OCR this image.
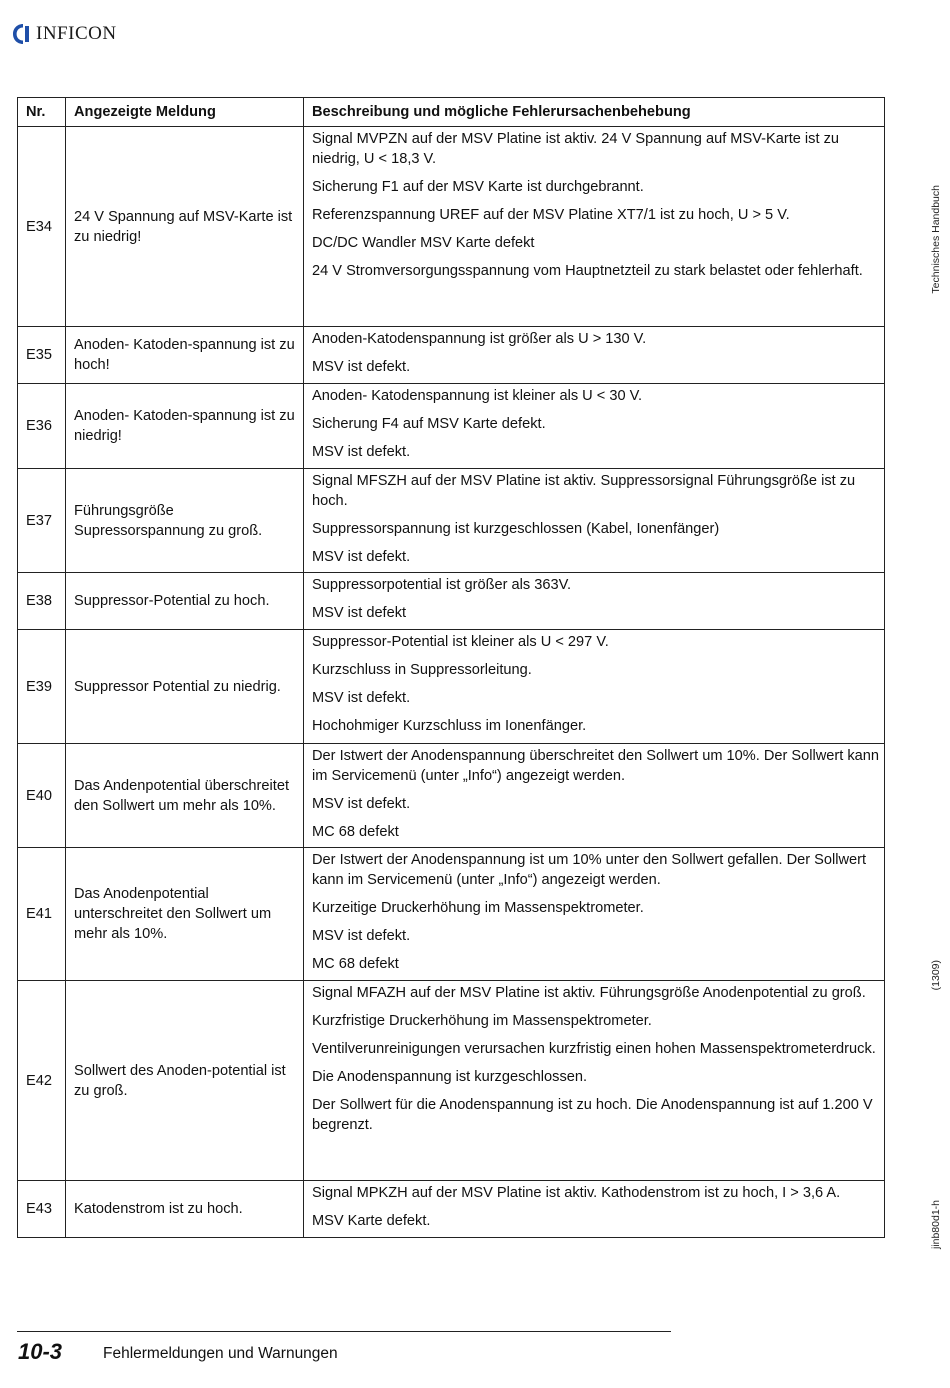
INFICON
Nr.	Angezeigte Meldung	Beschreibung und mögliche Fehlerursachenbehebung
E34	24 V Spannung auf MSV-Karte ist zu niedrig!	Signal MVPZN auf der MSV Platine ist aktiv. 24 V Spannung auf MSV-Karte ist zu niedrig, U < 18,3 V.

Sicherung F1 auf der MSV Karte ist durchgebrannt.

Referenzspannung UREF auf der MSV Platine XT7/1 ist zu hoch, U > 5 V.

DC/DC Wandler MSV Karte defekt

24 V Stromversorgungsspannung vom Hauptnetzteil zu stark belastet oder fehlerhaft.

E35	Anoden- Katoden-spannung ist zu hoch!	Anoden-Katodenspannung ist größer als U > 130 V.

MSV ist defekt.

E36	Anoden- Katoden-spannung ist zu niedrig!	Anoden- Katodenspannung ist kleiner als U < 30 V.

Sicherung F4 auf MSV Karte defekt.

MSV ist defekt.

E37	Führungsgröße Supressorspannung zu groß.	Signal MFSZH auf der MSV Platine ist aktiv. Suppressorsignal Führungsgröße ist zu hoch.

Suppressorspannung ist kurzgeschlossen (Kabel, Ionenfänger)

MSV ist defekt.

E38	Suppressor-Potential zu hoch.	Suppressorpotential ist größer als 363V.

MSV ist defekt

E39	Suppressor Potential zu niedrig.	Suppressor-Potential ist kleiner als U < 297 V.

Kurzschluss in Suppressorleitung.

MSV ist defekt.

Hochohmiger Kurzschluss im Ionenfänger.

E40	Das Andenpotential überschreitet den Sollwert um mehr als 10%.	Der Istwert der Anodenspannung überschreitet den Sollwert um 10%. Der Sollwert kann im Servicemenü (unter „Info“) angezeigt werden.

MSV ist defekt.

MC 68 defekt

E41	Das Anodenpotential unterschreitet den Sollwert um mehr als 10%.	Der Istwert der Anodenspannung ist um 10% unter den Sollwert gefallen. Der Sollwert kann im Servicemenü (unter „Info“) angezeigt werden.

Kurzeitige Druckerhöhung im Massenspektrometer.

MSV ist defekt.

MC 68 defekt

E42	Sollwert des Anoden-potential ist zu groß.	Signal MFAZH auf der MSV Platine ist aktiv. Führungsgröße Anodenpotential zu groß.

Kurzfristige Druckerhöhung im Massenspektrometer.

Ventilverunreinigungen verursachen kurzfristig einen hohen Massenspektrometerdruck.

Die Anodenspannung ist kurzgeschlossen.

Der Sollwert für die Anodenspannung ist zu hoch. Die Anodenspannung ist auf 1.200 V begrenzt.

E43	Katodenstrom ist zu hoch.	Signal MPKZH auf der MSV Platine ist aktiv. Kathodenstrom ist zu hoch, I > 3,6 A.

MSV Karte defekt.

Technisches Handbuch
(1309)
jinb80d1-h
10-3	Fehlermeldungen und Warnungen
